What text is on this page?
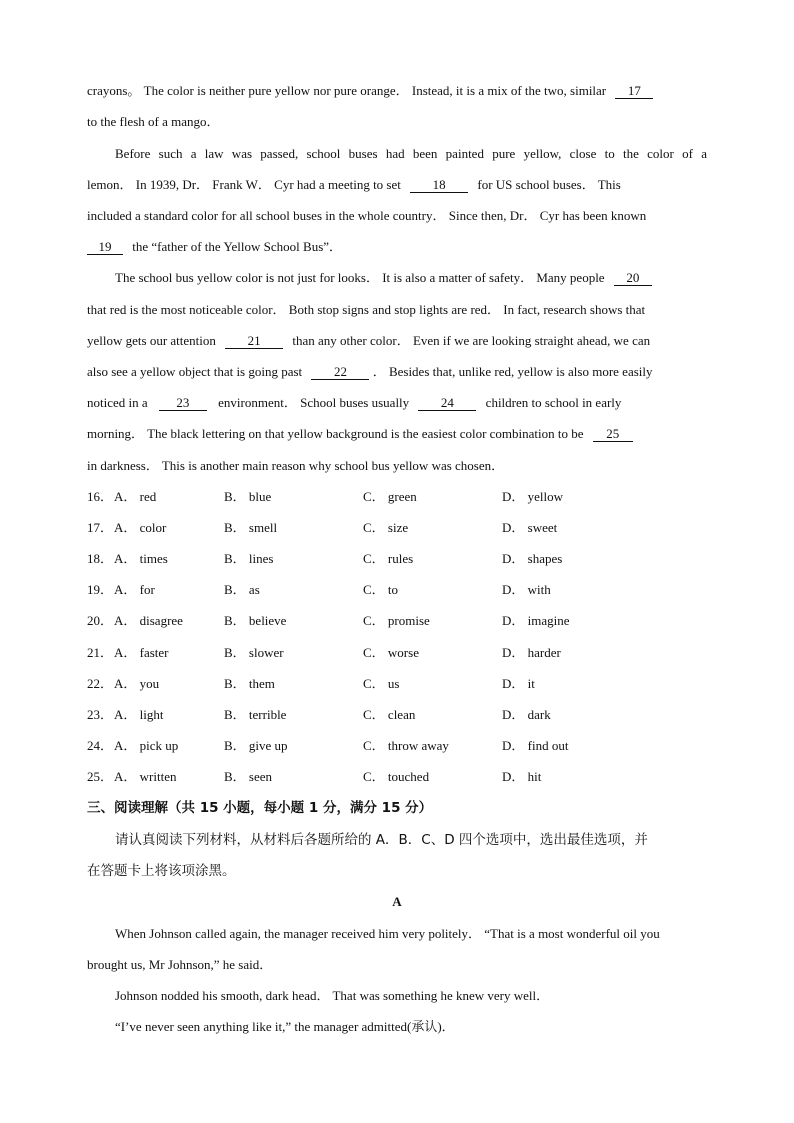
crayons。 The color is neither pure yellow nor pure orange． Instead, it is a mix of the two, similar 17
to the flesh of a mango．
Before such a law was passed, school buses had been painted pure yellow, close to the color of a
lemon． In 1939, Dr． Frank W． Cyr had a meeting to set 18 for US school buses． This
included a standard color for all school buses in the whole country． Since then, Dr． Cyr has been known
19 the “father of the Yellow School Bus”．
The school bus yellow color is not just for looks． It is also a matter of safety． Many people 20
that red is the most noticeable color． Both stop signs and stop lights are red． In fact, research shows that
yellow gets our attention 21 than any other color． Even if we are looking straight ahead, we can
also see a yellow object that is going past 22 ． Besides that, unlike red, yellow is also more easily
noticed in a 23 environment． School buses usually 24 children to school in early
morning． The black lettering on that yellow background is the easiest color combination to be 25
in darkness． This is another main reason why school bus yellow was chosen．
16． A． red	B． blue	C． green	D． yellow
17． A． color	B． smell	C． size	D． sweet
18． A． times	B． lines	C． rules	D． shapes
19． A． for	B． as	C． to	D． with
20． A． disagree	B． believe	C． promise	D． imagine
21． A． faster	B． slower	C． worse	D． harder
22． A． you	B． them	C． us	D． it
23． A． light	B． terrible	C． clean	D． dark
24． A． pick up	B． give up	C． throw away	D． find out
25． A． written	B． seen	C． touched	D． hit
三、阅读理解（共 15 小题，每小题 1 分，满分 15 分）
请认真阅读下列材料，从材料后各题所给的 A．B．C、D 四个选项中，选出最佳选项，并
在答题卡上将该项涂黑。
A
When Johnson called again, the manager received him very politely． “That is a most wonderful oil you
brought us, Mr Johnson,” he said．
Johnson nodded his smooth, dark head． That was something he knew very well．
“I’ve never seen anything like it,” the manager admitted(承认)．
